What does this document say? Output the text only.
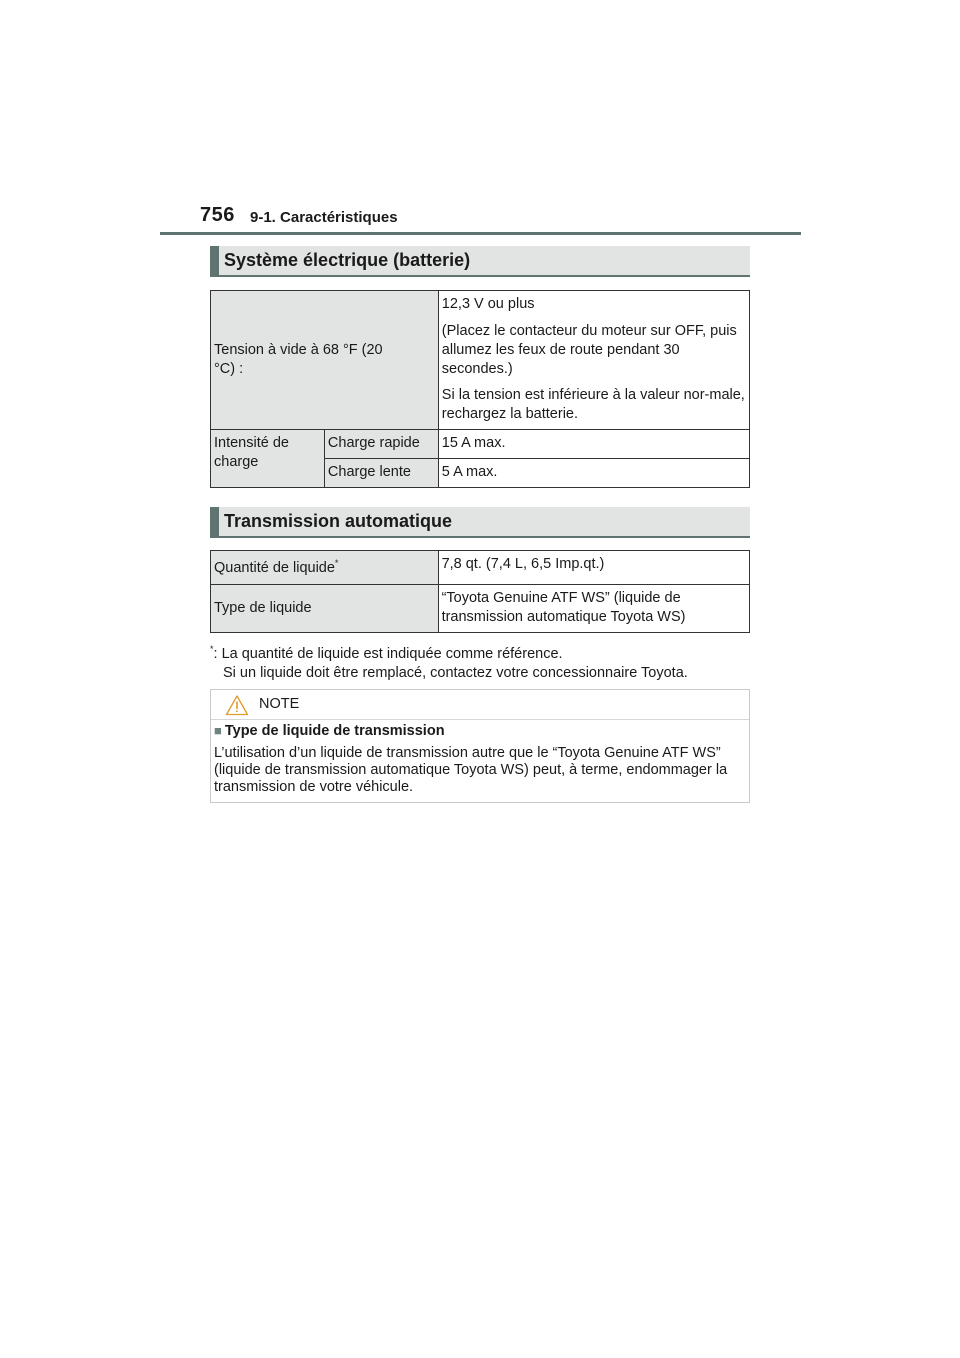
756 9-1. Caractéristiques
Système électrique (batterie)
Tension à vide à 68 °F (20 °C) :		12,3 V ou plus

(Placez le contacteur du moteur sur OFF, puis allumez les feux de route pendant 30 secondes.)

Si la tension est inférieure à la valeur nor-male, rechargez la batterie.

Intensité de charge	Charge rapide	15 A max.
	Charge lente	5 A max.
Transmission automatique
Quantité de liquide*	7,8 qt. (7,4 L, 6,5 Imp.qt.)
Type de liquide	“Toyota Genuine ATF WS” (liquide de transmission automatique Toyota WS)
*: La quantité de liquide est indiquée comme référence.
Si un liquide doit être remplacé, contactez votre concessionnaire Toyota.
NOTE
■ Type de liquide de transmission
L’utilisation d’un liquide de transmission autre que le “Toyota Genuine ATF WS” (liquide de transmission automatique Toyota WS) peut, à terme, endommager la transmission de votre véhicule.
